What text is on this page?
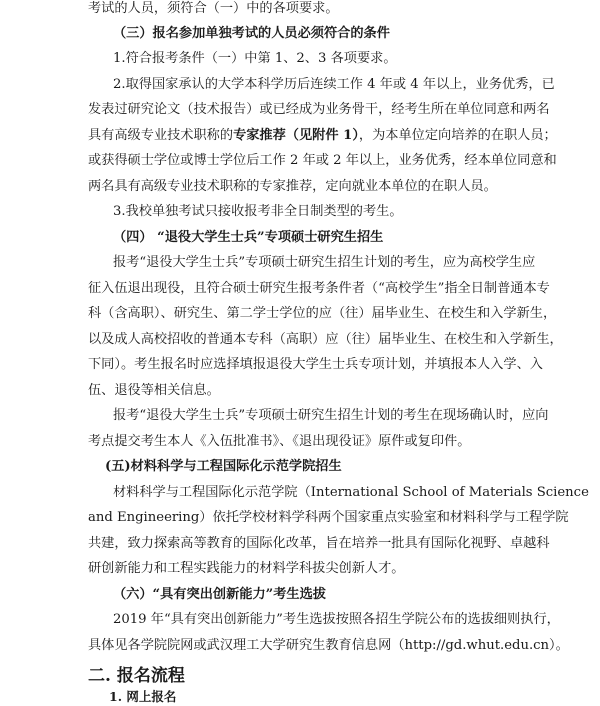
考试的人员，须符合（一）中的各项要求。
（三）报名参加单独考试的人员必须符合的条件
1.符合报考条件（一）中第 1、2、3 各项要求。
2.取得国家承认的大学本科学历后连续工作 4 年或 4 年以上，业务优秀，已
发表过研究论文（技术报告）或已经成为业务骨干，经考生所在单位同意和两名
具有高级专业技术职称的专家推荐（见附件 1），为本单位定向培养的在职人员；
或获得硕士学位或博士学位后工作 2 年或 2 年以上，业务优秀，经本单位同意和
两名具有高级专业技术职称的专家推荐，定向就业本单位的在职人员。
3.我校单独考试只接收报考非全日制类型的考生。
（四） “退役大学生士兵”专项硕士研究生招生
报考“退役大学生士兵”专项硕士研究生招生计划的考生，应为高校学生应
征入伍退出现役，且符合硕士研究生报考条件者（“高校学生”指全日制普通本专
科（含高职）、研究生、第二学士学位的应（往）届毕业生、在校生和入学新生，
以及成人高校招收的普通本专科（高职）应（往）届毕业生、在校生和入学新生，
下同）。考生报名时应选择填报退役大学生士兵专项计划，并填报本人入学、入
伍、退役等相关信息。
报考“退役大学生士兵”专项硕士研究生招生计划的考生在现场确认时，应向
考点提交考生本人《入伍批准书》、《退出现役证》原件或复印件。
(五)材料科学与工程国际化示范学院招生
材料科学与工程国际化示范学院（International School of Materials Science
and Engineering）依托学校材料学科两个国家重点实验室和材料科学与工程学院
共建，致力探索高等教育的国际化改革，旨在培养一批具有国际化视野、卓越科
研创新能力和工程实践能力的材料学科拔尖创新人才。
（六）“具有突出创新能力”考生选拔
2019 年“具有突出创新能力”考生选拔按照各招生学院公布的选拔细则执行，
具体见各学院院网或武汉理工大学研究生教育信息网（http://gd.whut.edu.cn）。
二. 报名流程
1. 网上报名
